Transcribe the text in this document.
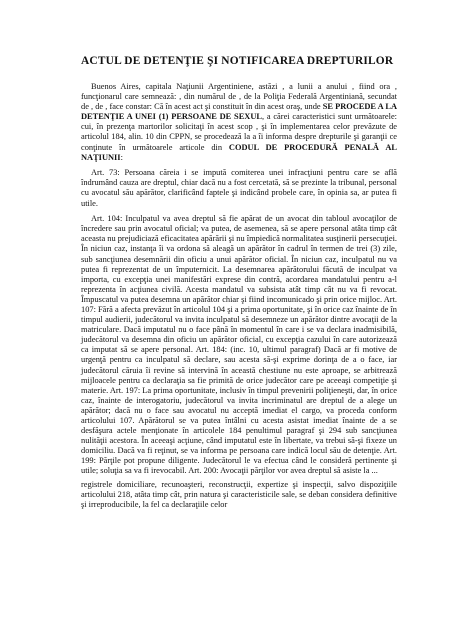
ACTUL DE DETENŢIE ŞI NOTIFICAREA DREPTURILOR

Buenos Aires, capitala Naţiunii Argentiniene, astăzi , a lunii a anului , fiind ora , funcţionarul care semnează: , din numărul de , de la Poliţia Federală Argentiniană, secundat de , de , face constar: Că în acest act şi constituit în din acest oraş, unde SE PROCEDE A LA DETENŢIE A UNEI (1) PERSOANE DE SEXUL, a cărei caracteristici sunt următoarele: cui, în prezenţa martorilor solicitaţi în acest scop , şi în implementarea celor prevăzute de articolul 184, alin. 10 din CPPN, se procedează la a îi informa despre drepturile şi garanţii ce conţinute în următoarele articole din CODUL DE PROCEDURĂ PENALĂ AL NAŢIUNII:

Art. 73: Persoana căreia i se impută comiterea unei infracţiuni pentru care se află îndrumând cauza are dreptul, chiar dacă nu a fost cercetată, să se prezinte la tribunal, personal cu avocatul său apărător, clarificând faptele şi indicând probele care, în opinia sa, ar putea fi utile.

Art. 104: Inculpatul va avea dreptul să fie apărat de un avocat din tabloul avocaţilor de încredere sau prin avocatul oficial; va putea, de asemenea, să se apere personal atâta timp cât aceasta nu prejudiciază eficacitatea apărării şi nu împiedică normalitatea susţinerii persecuţiei. În niciun caz, instanţa îi va ordona să aleagă un apărător în cadrul în termen de trei (3) zile, sub sancţiunea desemnării din oficiu a unui apărător oficial. În niciun caz, inculpatul nu va putea fi reprezentat de un împuternicit. La desemnarea apărătorului făcută de inculpat va importa, cu excepţia unei manifestări exprese din contră, acordarea mandatului pentru a-l reprezenta în acţiunea civilă. Acesta mandatul va subsista atât timp cât nu va fi revocat. Împuscatul va putea desemna un apărător chiar şi fiind incomunicado şi prin orice mijloc. Art. 107: Fără a afecta prevăzut în articolul 104 şi a prima oportunitate, şi în orice caz înainte de în timpul audierii, judecătorul va invita inculpatul să desemneze un apărător dintre avocaţii de la matriculare. Dacă imputatul nu o face până în momentul în care i se va declara inadmisibilă, judecătorul va desemna din oficiu un apărător oficial, cu excepţia cazului în care autorizează ca imputat să se apere personal. Art. 184: (inc. 10, ultimul paragraf) Dacă ar fi motive de urgenţă pentru ca inculpatul să declare, sau acesta să-şi exprime dorinţa de a o face, iar judecătorul căruia îi revine să intervină în această chestiune nu este aproape, se arbitrează mijloacele pentru ca declaraţia sa fie primită de orice judecător care pe aceeaşi competiţie şi materie. Art. 197: La prima oportunitate, inclusiv în timpul prevenirii poliţieneşti, dar, în orice caz, înainte de interogatoriu, judecătorul va invita incriminatul are dreptul de a alege un apărător; dacă nu o face sau avocatul nu acceptă imediat el cargo, va proceda conform articolului 107. Apărătorul se va putea întâlni cu acesta asistat imediat înainte de a se desfăşura actele menţionate în articolele 184 penultimul paragraf şi 294 sub sancţiunea nulităţii acestora. În aceeaşi acţiune, când imputatul este în libertate, va trebui să-şi fixeze un domiciliu. Dacă va fi reţinut, se va informa pe persoana care indică locul său de detenţie. Art. 199: Părţile pot propune diligente. Judecătorul le va efectua când le consideră pertinente şi utile; soluţia sa va fi irevocabil. Art. 200: Avocaţii părţilor vor avea dreptul să asiste la ...

registrele domiciliare, recunoaşteri, reconstrucţii, expertize şi inspecţii, salvo dispoziţiile articolului 218, atâta timp cât, prin natura şi caracteristicile sale, se deban considera definitive şi irreproducibile, la fel ca declaraţiile celor
